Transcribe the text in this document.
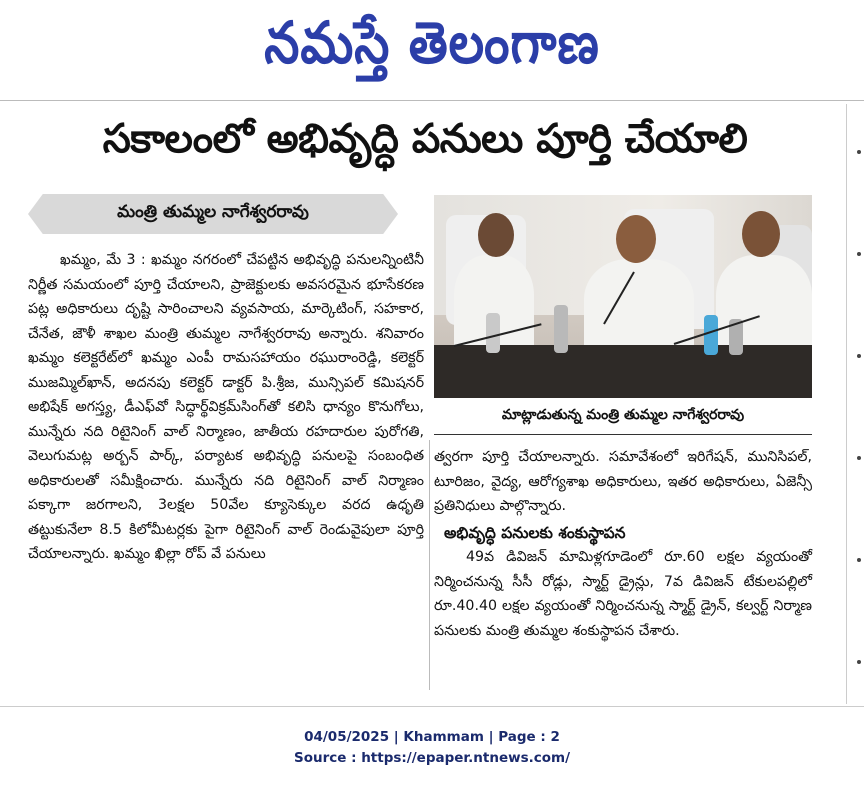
నమస్తే తెలంగాణ
సకాలంలో అభివృద్ధి పనులు పూర్తి చేయాలి
మంత్రి తుమ్మల నాగేశ్వరరావు
మాట్లాడుతున్న మంత్రి తుమ్మల నాగేశ్వరరావు

ఖమ్మం, మే 3 : ఖమ్మం నగరంలో చేపట్టిన అభివృద్ధి పనులన్నింటినీ నిర్ణీత సమయంలో పూర్తి చేయాలని, ప్రాజెక్టులకు అవసరమైన భూసేకరణ పట్ల అధికారులు దృష్టి సారించాలని వ్యవసాయ, మార్కెటింగ్, సహకార, చేనేత, జౌళీ శాఖల మంత్రి తుమ్మల నాగేశ్వరరావు అన్నారు. శనివారం ఖమ్మం కలెక్టరేట్‌లో ఖమ్మం ఎంపీ రామసహాయం రఘురాంరెడ్డి, కలెక్టర్ ముజమ్మిల్‌ఖాన్, అదనపు కలెక్టర్ డాక్టర్ పి.శ్రీజ, మున్సిపల్ కమిషనర్ అభిషేక్ అగస్త్య, డీఎఫ్‌వో సిద్ధార్థ్‌విక్రమ్‌సింగ్‌తో కలిసి ధాన్యం కొనుగోలు, మున్నేరు నది రిటైనింగ్ వాల్ నిర్మాణం, జాతీయ రహదారుల పురోగతి, వెలుగుమట్ల అర్బన్ పార్క్, పర్యాటక అభివృద్ధి పనులపై సంబంధిత అధికారులతో సమీక్షించారు. మున్నేరు నది రిటైనింగ్ వాల్ నిర్మాణం పక్కాగా జరగాలని, 3లక్షల 50వేల క్యూసెక్కుల వరద ఉధృతి తట్టుకునేలా 8.5 కిలోమీటర్లకు పైగా రిటైనింగ్ వాల్ రెండువైపులా పూర్తి చేయాలన్నారు. ఖమ్మం ఖిల్లా రోప్ వే పనులు

త్వరగా పూర్తి చేయాలన్నారు. సమావేశంలో ఇరిగేషన్, మునిసిపల్, టూరిజం, వైద్య, ఆరోగ్యశాఖ అధికారులు, ఇతర అధికారులు, ఏజెన్సీ ప్రతినిధులు పాల్గొన్నారు.

అభివృద్ధి పనులకు శంకుస్థాపన

49వ డివిజన్ మామిళ్లగూడెంలో రూ.60 లక్షల వ్యయంతో నిర్మించనున్న సీసీ రోడ్లు, స్మార్ట్ డ్రైన్లు, 7వ డివిజన్ టేకులపల్లిలో రూ.40.40 లక్షల వ్యయంతో నిర్మించనున్న స్మార్ట్ డ్రైన్, కల్వర్ట్ నిర్మాణ పనులకు మంత్రి తుమ్మల శంకుస్థాపన చేశారు.

04/05/2025 | Khammam | Page : 2
Source : https://epaper.ntnews.com/
